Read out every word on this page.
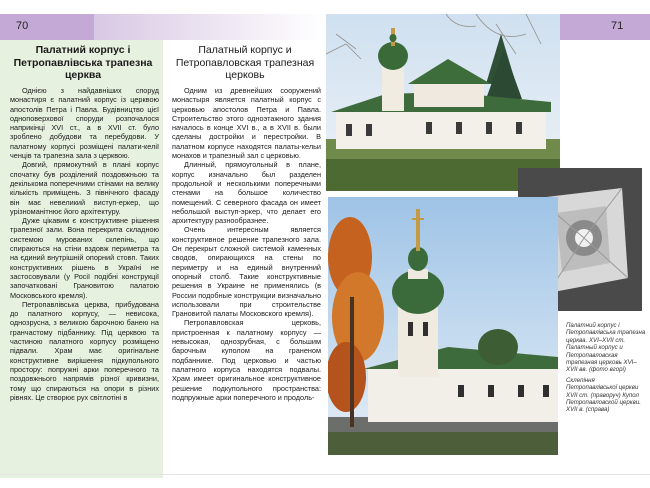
70	71
Палатний корпус і Петропавлівська трапезна церква
Палатный корпус и Петропавловская трапезная церковь

Однією з найдавніших споруд монастиря є палатний корпус із церквою апостолів Петра і Павла. Будівництво цієї одноповерхової споруди розпочалося наприкінці XVI ст., а в XVII ст. було зроблено добудови та перебудови. У палатному корпусі розміщені палати-келії ченців та трапезна зала з церквою.

Довгий, прямокутний в плані корпус спочатку був розділений поздовжньою та декількома поперечними стінами на велику кількість приміщень. З північного фасаду він має невеликий виступ-еркер, що урізноманітнює його архітектуру.

Дуже цікавим є конструктивне рішення трапезної зали. Вона перекрита складною системою мурованих склепінь, що спираються на стіни вздовж периметра та на єдиний внутрішній опорний стовп. Таких конструктивних рішень в Україні не застосовували (у Росії подібні конструкції започатковані Грановитою палатою Московського кремля).

Петропавлівська церква, прибудована до палатного корпусу, — невисока, однозрусна, з великою барочною банею на гранчастому підбаннику. Під церквою та частиною палатного корпусу розміщено підвали. Храм має оригінальне конструктивне вирішення підкупольного простору: попружні арки поперечного та поздовжнього напрямів різної кривизни, тому що спираються на опори в різних рівнях. Це створює рух світлотіні в

Одним из древнейших сооружений монастыря является палатный корпус с церковью апостолов Петра и Павла. Строительство этого одноэтажного здания началось в конце XVI в., а в XVII в. были сделаны достройки и перестройки. В палатном корпусе находятся палаты-кельи монахов и трапезный зал с церковью.

Длинный, прямоугольный в плане, корпус изначально был разделен продольной и несколькими поперечными стенами на большое количество помещений. С северного фасада он имеет небольшой выступ-эркер, что делает его архитектуру разнообразнее.

Очень интересным является конструктивное решение трапезного зала. Он перекрыт сложной системой каменных сводов, опирающихся на стены по периметру и на единый внутренний опорный столб. Такие конструктивные решения в Украине не применялись (в России подобные конструкции визначально использовали при строительстве Грановитой палаты Московского кремля).

Петропавловская церковь, пристроенная к палатному корпусу — невысокая, однозрубная, с большим барочным куполом на граненом подбаннике. Под церковью и частью палатного корпуса находятся подвалы. Храм имеет оригинальное конструктивное решение подкупольного пространства: подпружные арки поперечного и продоль-

Палатний корпус і Петропавлівська трапезна церква. XVI–XVII ст. Палатный корпус и Петропавловская трапезная церковь XVI–XVII вв. (фото вгорі)

Склепіння Петропавлівської церкви XVII ст. (праворуч) Купол Петропавловской церкви. XVII в. (справа)
